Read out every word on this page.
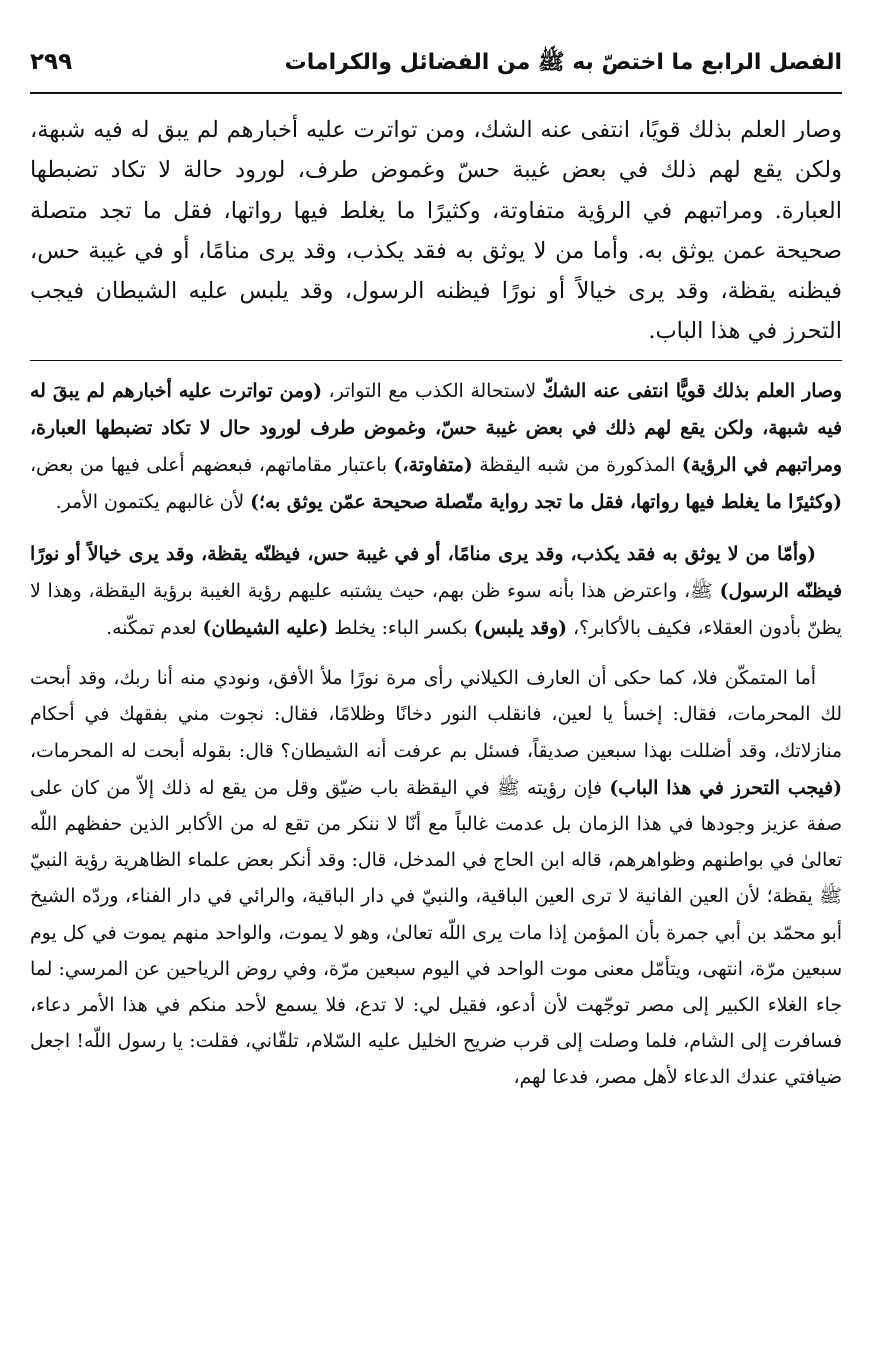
الفصل الرابع ما اختصّ به ﷺ من الفضائل والكرامات
٢٩٩
وصار العلم بذلك قويًا، انتفى عنه الشك، ومن تواترت عليه أخبارهم لم يبق له فيه شبهة، ولكن يقع لهم ذلك في بعض غيبة حسّ وغموض طرف، لورود حالة لا تكاد تضبطها العبارة. ومراتبهم في الرؤية متفاوتة، وكثيرًا ما يغلط فيها رواتها، فقل ما تجد متصلة صحيحة عمن يوثق به. وأما من لا يوثق به فقد يكذب، وقد يرى منامًا، أو في غيبة حس، فيظنه يقظة، وقد يرى خيالاً أو نورًا فيظنه الرسول، وقد يلبس عليه الشيطان فيجب التحرز في هذا الباب.

وصار العلم بذلك قويًّا انتفى عنه الشكّ لاستحالة الكذب مع التواتر، (ومن تواترت عليه أخبارهم لم يبقَ له فيه شبهة، ولكن يقع لهم ذلك في بعض غيبة حسّ، وغموض طرف لورود حال لا تكاد تضبطها العبارة، ومراتبهم في الرؤية) المذكورة من شبه اليقظة (متفاوتة،) باعتبار مقاماتهم، فبعضهم أعلى فيها من بعض، (وكثيرًا ما يغلط فيها رواتها، فقل ما تجد رواية متّصلة صحيحة عمّن يوثق به؛) لأن غالبهم يكتمون الأمر.

(وأمّا من لا يوثق به فقد يكذب، وقد يرى منامًا، أو في غيبة حس، فيظنّه يقظة، وقد يرى خيالاً أو نورًا فيظنّه الرسول) ﷺ، واعترض هذا بأنه سوء ظن بهم، حيث يشتبه عليهم رؤية الغيبة برؤية اليقظة، وهذا لا يظنّ بأدون العقلاء، فكيف بالأكابر؟، (وقد يلبس) بكسر الباء: يخلط (عليه الشيطان) لعدم تمكّنه.

أما المتمكّن فلا، كما حكى أن العارف الكيلاني رأى مرة نورًا ملأ الأفق، ونودي منه أنا ربك، وقد أبحت لك المحرمات، فقال: إخسأ يا لعين، فانقلب النور دخانًا وظلامًا، فقال: نجوت مني بفقهك في أحكام منازلاتك، وقد أضللت بهذا سبعين صديقاً، فسئل بم عرفت أنه الشيطان؟ قال: بقوله أبحت له المحرمات، (فيجب التحرز في هذا الباب) فإن رؤيته ﷺ في اليقظة باب ضيّق وقل من يقع له ذلك إلاّ من كان على صفة عزيز وجودها في هذا الزمان بل عدمت غالباً مع أنّا لا ننكر من تقع له من الأكابر الذين حفظهم اللّه تعالىٰ في بواطنهم وظواهرهم، قاله ابن الحاج في المدخل، قال: وقد أنكر بعض علماء الظاهرية رؤية النبيّ ﷺ يقظة؛ لأن العين الفانية لا ترى العين الباقية، والنبيّ في دار الباقية، والرائي في دار الفناء، وردّه الشيخ أبو محمّد بن أبي جمرة بأن المؤمن إذا مات يرى اللّه تعالىٰ، وهو لا يموت، والواحد منهم يموت في كل يوم سبعين مرّة، انتهى، ويتأمّل معنى موت الواحد في اليوم سبعين مرّة، وفي روض الرياحين عن المرسي: لما جاء الغلاء الكبير إلى مصر توجّهت لأن أدعو، فقيل لي: لا تدع، فلا يسمع لأحد منكم في هذا الأمر دعاء، فسافرت إلى الشام، فلما وصلت إلى قرب ضريح الخليل عليه السّلام، تلقّاني، فقلت: يا رسول اللّه! اجعل ضيافتي عندك الدعاء لأهل مصر، فدعا لهم،
